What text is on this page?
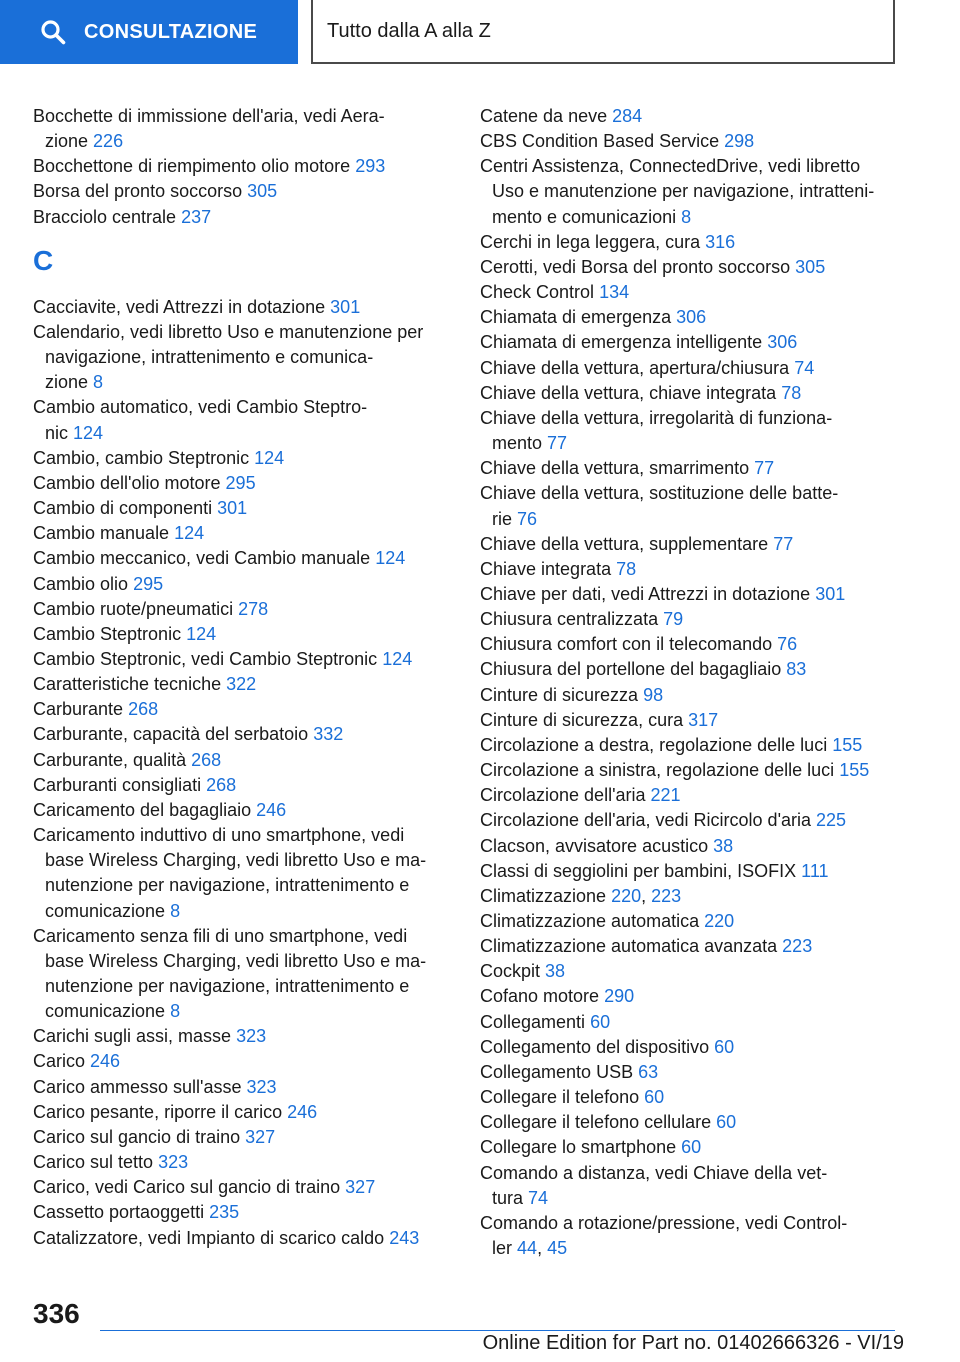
CONSULTAZIONE	Tutto dalla A alla Z
Bocchette di immissione dell'aria, vedi Aera-
zione 226
Bocchettone di riempimento olio motore 293
Borsa del pronto soccorso 305
Bracciolo centrale 237
C
Cacciavite, vedi Attrezzi in dotazione 301
Calendario, vedi libretto Uso e manutenzione per
navigazione, intrattenimento e comunica-
zione 8
Cambio automatico, vedi Cambio Steptro-
nic 124
Cambio, cambio Steptronic 124
Cambio dell'olio motore 295
Cambio di componenti 301
Cambio manuale 124
Cambio meccanico, vedi Cambio manuale 124
Cambio olio 295
Cambio ruote/pneumatici 278
Cambio Steptronic 124
Cambio Steptronic, vedi Cambio Steptronic 124
Caratteristiche tecniche 322
Carburante 268
Carburante, capacità del serbatoio 332
Carburante, qualità 268
Carburanti consigliati 268
Caricamento del bagagliaio 246
Caricamento induttivo di uno smartphone, vedi
base Wireless Charging, vedi libretto Uso e ma-
nutenzione per navigazione, intrattenimento e
comunicazione 8
Caricamento senza fili di uno smartphone, vedi
base Wireless Charging, vedi libretto Uso e ma-
nutenzione per navigazione, intrattenimento e
comunicazione 8
Carichi sugli assi, masse 323
Carico 246
Carico ammesso sull'asse 323
Carico pesante, riporre il carico 246
Carico sul gancio di traino 327
Carico sul tetto 323
Carico, vedi Carico sul gancio di traino 327
Cassetto portaoggetti 235
Catalizzatore, vedi Impianto di scarico caldo 243
Catene da neve 284
CBS Condition Based Service 298
Centri Assistenza, ConnectedDrive, vedi libretto
Uso e manutenzione per navigazione, intratteni-
mento e comunicazioni 8
Cerchi in lega leggera, cura 316
Cerotti, vedi Borsa del pronto soccorso 305
Check Control 134
Chiamata di emergenza 306
Chiamata di emergenza intelligente 306
Chiave della vettura, apertura/chiusura 74
Chiave della vettura, chiave integrata 78
Chiave della vettura, irregolarità di funziona-
mento 77
Chiave della vettura, smarrimento 77
Chiave della vettura, sostituzione delle batte-
rie 76
Chiave della vettura, supplementare 77
Chiave integrata 78
Chiave per dati, vedi Attrezzi in dotazione 301
Chiusura centralizzata 79
Chiusura comfort con il telecomando 76
Chiusura del portellone del bagagliaio 83
Cinture di sicurezza 98
Cinture di sicurezza, cura 317
Circolazione a destra, regolazione delle luci 155
Circolazione a sinistra, regolazione delle luci 155
Circolazione dell'aria 221
Circolazione dell'aria, vedi Ricircolo d'aria 225
Clacson, avvisatore acustico 38
Classi di seggiolini per bambini, ISOFIX 111
Climatizzazione 220, 223
Climatizzazione automatica 220
Climatizzazione automatica avanzata 223
Cockpit 38
Cofano motore 290
Collegamenti 60
Collegamento del dispositivo 60
Collegamento USB 63
Collegare il telefono 60
Collegare il telefono cellulare 60
Collegare lo smartphone 60
Comando a distanza, vedi Chiave della vet-
tura 74
Comando a rotazione/pressione, vedi Control-
ler 44, 45
336
Online Edition for Part no. 01402666326 - VI/19
